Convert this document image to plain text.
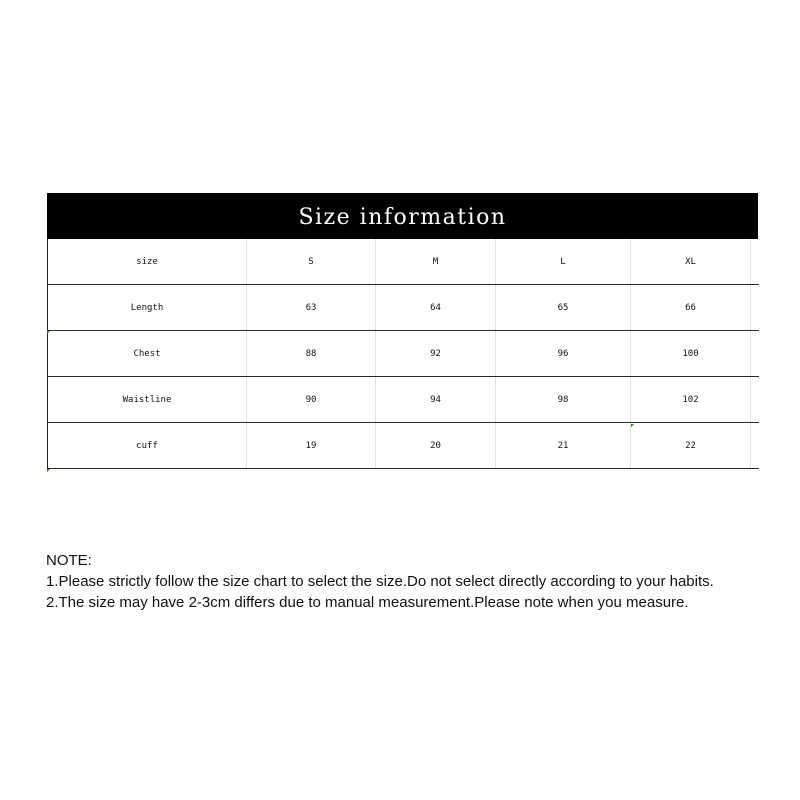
Size information
size	S	M	L	XL	
Length	63	64	65	66	
Chest	88	92	96	100	
Waistline	90	94	98	102	
cuff	19	20	21	22	
NOTE:
1.Please strictly follow the size chart to select the size.Do not select directly according to your habits.
2.The size may have 2-3cm differs due to manual measurement.Please note when you measure.
